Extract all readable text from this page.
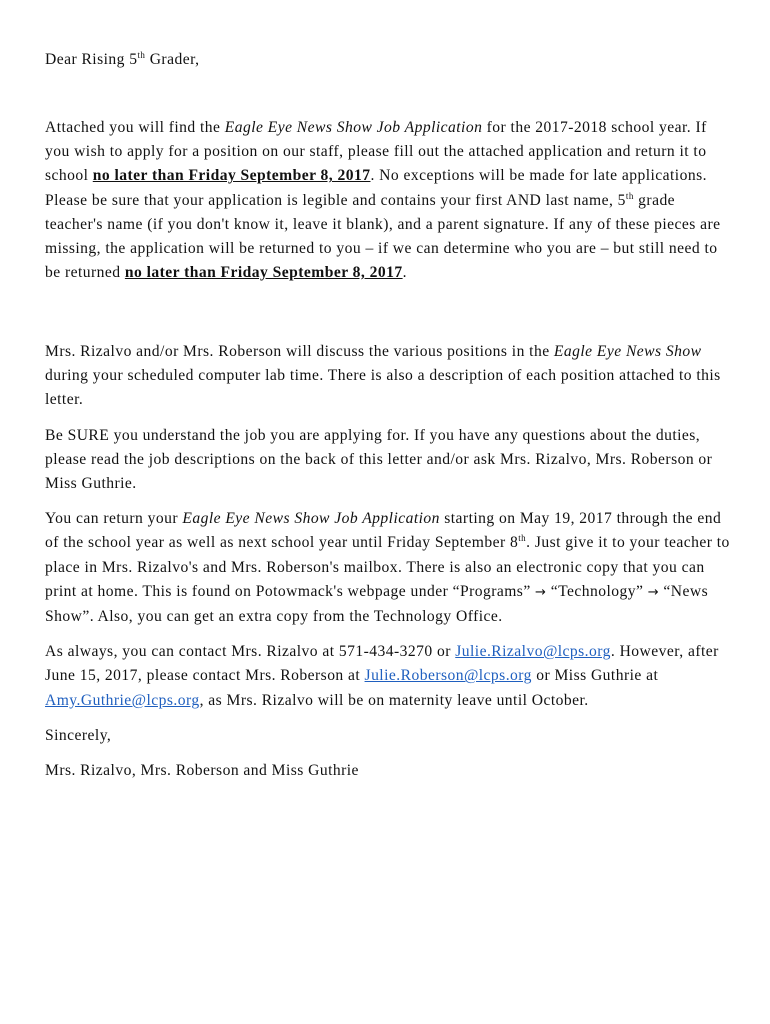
Dear Rising 5th Grader,

Attached you will find the Eagle Eye News Show Job Application for the 2017-2018 school year. If you wish to apply for a position on our staff, please fill out the attached application and return it to school no later than Friday September 8, 2017. No exceptions will be made for late applications. Please be sure that your application is legible and contains your first AND last name, 5th grade teacher's name (if you don't know it, leave it blank), and a parent signature. If any of these pieces are missing, the application will be returned to you – if we can determine who you are – but still need to be returned no later than Friday September 8, 2017.

Mrs. Rizalvo and/or Mrs. Roberson will discuss the various positions in the Eagle Eye News Show during your scheduled computer lab time. There is also a description of each position attached to this letter.

Be SURE you understand the job you are applying for. If you have any questions about the duties, please read the job descriptions on the back of this letter and/or ask Mrs. Rizalvo, Mrs. Roberson or Miss Guthrie.

You can return your Eagle Eye News Show Job Application starting on May 19, 2017 through the end of the school year as well as next school year until Friday September 8th. Just give it to your teacher to place in Mrs. Rizalvo's and Mrs. Roberson's mailbox. There is also an electronic copy that you can print at home. This is found on Potowmack's webpage under “Programs” → “Technology” → “News Show”. Also, you can get an extra copy from the Technology Office.

As always, you can contact Mrs. Rizalvo at 571-434-3270 or Julie.Rizalvo@lcps.org. However, after June 15, 2017, please contact Mrs. Roberson at Julie.Roberson@lcps.org or Miss Guthrie at Amy.Guthrie@lcps.org, as Mrs. Rizalvo will be on maternity leave until October.

Sincerely,

Mrs. Rizalvo, Mrs. Roberson and Miss Guthrie
